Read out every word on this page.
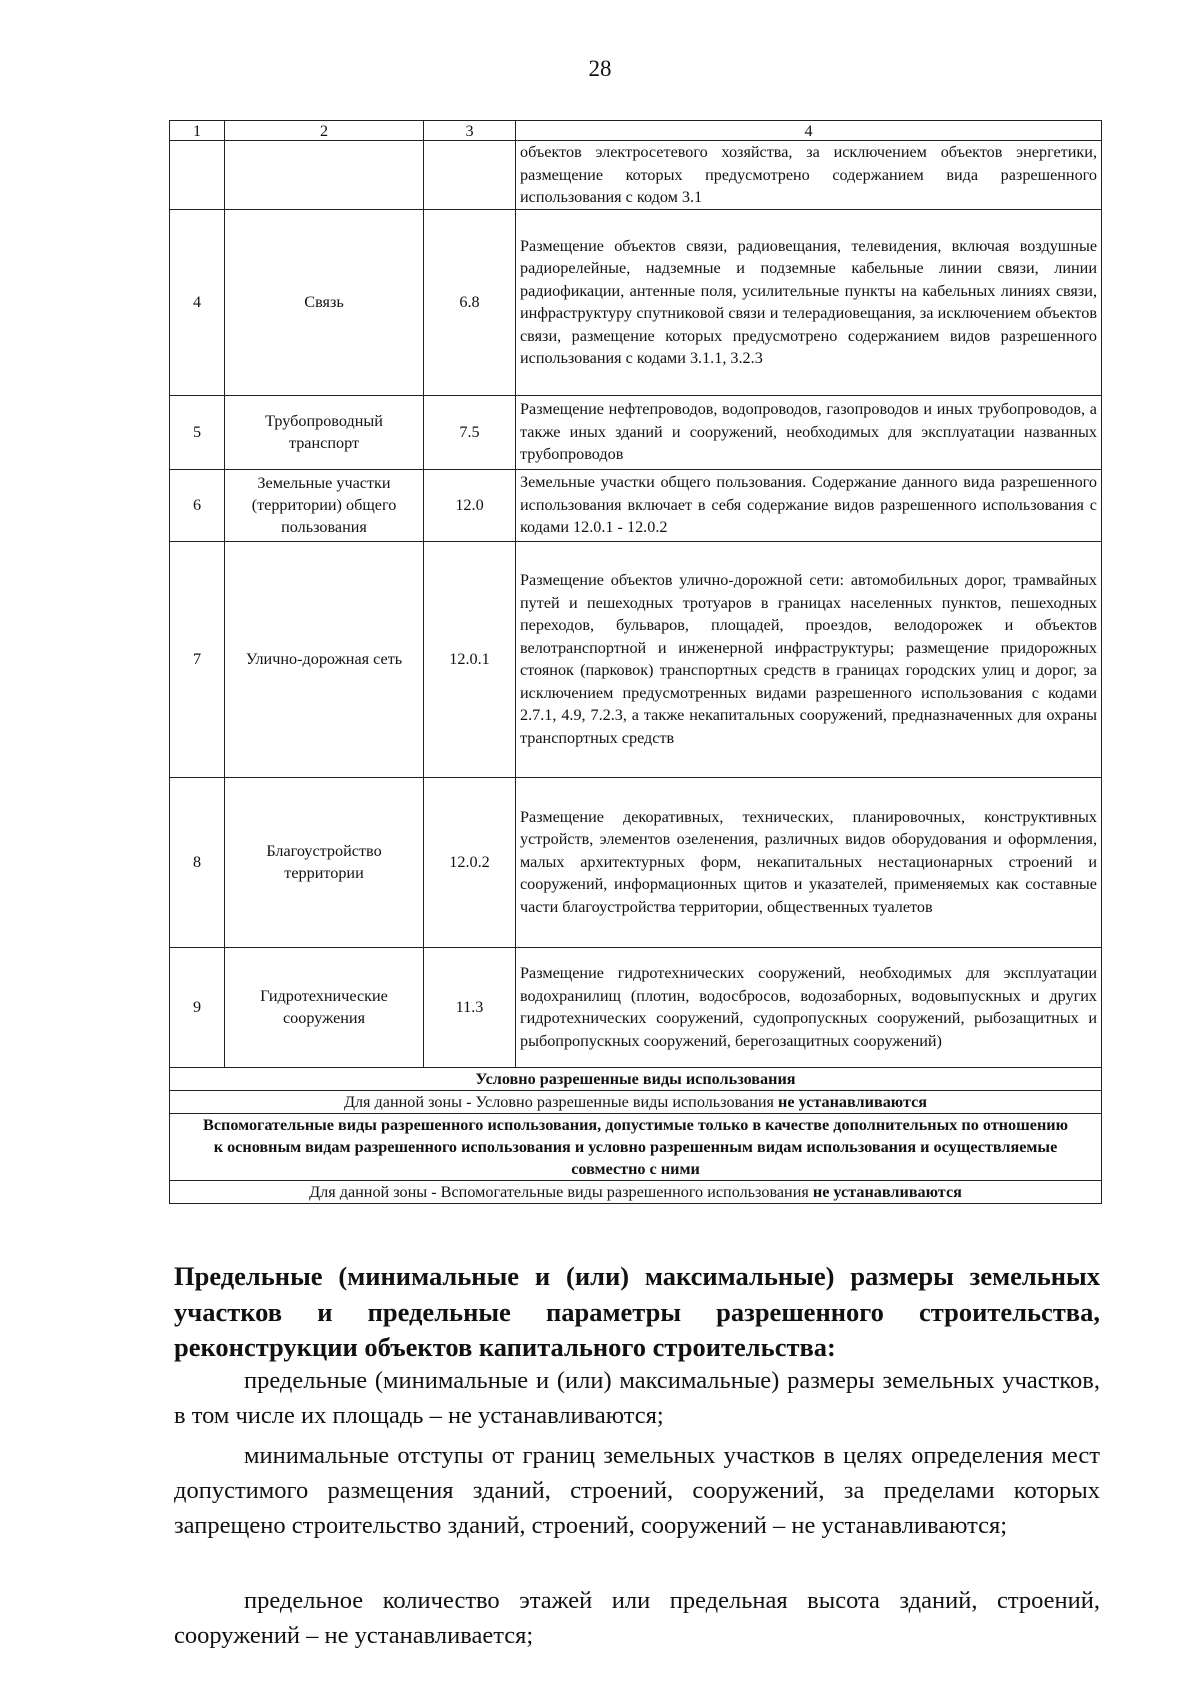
28
1	2	3	4
			объектов электросетевого хозяйства, за исключением объектов энергетики, размещение которых предусмотрено содержанием вида разрешенного использования с кодом 3.1
4	Связь	6.8	Размещение объектов связи, радиовещания, телевидения, включая воздушные радиорелейные, надземные и подземные кабельные линии связи, линии радиофикации, антенные поля, усилительные пункты на кабельных линиях связи, инфраструктуру спутниковой связи и телерадиовещания, за исключением объектов связи, размещение которых предусмотрено содержанием видов разрешенного использования с кодами 3.1.1, 3.2.3
5	Трубопроводный транспорт	7.5	Размещение нефтепроводов, водопроводов, газопроводов и иных трубопроводов, а также иных зданий и сооружений, необходимых для эксплуатации названных трубопроводов
6	Земельные участки (территории) общего пользования	12.0	Земельные участки общего пользования. Содержание данного вида разрешенного использования включает в себя содержание видов разрешенного использования с кодами 12.0.1 - 12.0.2
7	Улично-дорожная сеть	12.0.1	Размещение объектов улично-дорожной сети: автомобильных дорог, трамвайных путей и пешеходных тротуаров в границах населенных пунктов, пешеходных переходов, бульваров, площадей, проездов, велодорожек и объектов велотранспортной и инженерной инфраструктуры; размещение придорожных стоянок (парковок) транспортных средств в границах городских улиц и дорог, за исключением предусмотренных видами разрешенного использования с кодами 2.7.1, 4.9, 7.2.3, а также некапитальных сооружений, предназначенных для охраны транспортных средств
8	Благоустройство территории	12.0.2	Размещение декоративных, технических, планировочных, конструктивных устройств, элементов озеленения, различных видов оборудования и оформления, малых архитектурных форм, некапитальных нестационарных строений и сооружений, информационных щитов и указателей, применяемых как составные части благоустройства территории, общественных туалетов
9	Гидротехнические сооружения	11.3	Размещение гидротехнических сооружений, необходимых для эксплуатации водохранилищ (плотин, водосбросов, водозаборных, водовыпускных и других гидротехнических сооружений, судопропускных сооружений, рыбозащитных и рыбопропускных сооружений, берегозащитных сооружений)
Условно разрешенные виды использования			
Для данной зоны - Условно разрешенные виды использования не устанавливаются			
Вспомогательные виды разрешенного использования, допустимые только в качестве дополнительных по отношению к основным видам разрешенного использования и условно разрешенным видам использования и осуществляемые совместно с ними			
Для данной зоны - Вспомогательные виды разрешенного использования не устанавливаются			
Предельные (минимальные и (или) максимальные) размеры земельных участков и предельные параметры разрешенного строительства, реконструкции объектов капитального строительства:
предельные (минимальные и (или) максимальные) размеры земельных участков, в том числе их площадь – не устанавливаются;
минимальные отступы от границ земельных участков в целях определения мест допустимого размещения зданий, строений, сооружений, за пределами которых запрещено строительство зданий, строений, сооружений – не устанавливаются;
предельное количество этажей или предельная высота зданий, строений, сооружений – не устанавливается;
